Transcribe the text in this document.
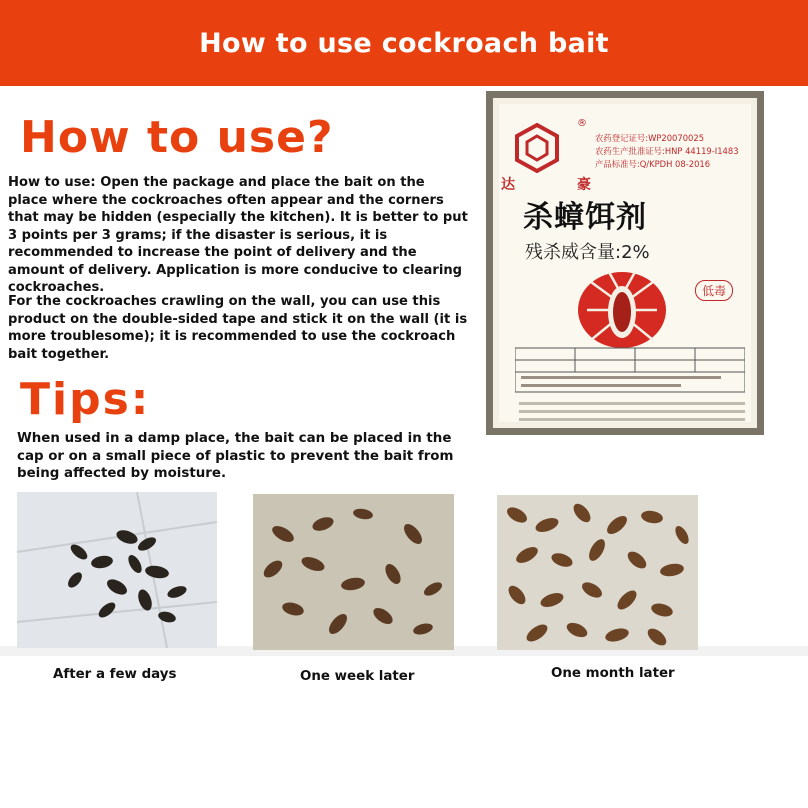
How to use cockroach bait
How to use?
How to use: Open the package and place the bait on the place where the cockroaches often appear and the corners that may be hidden (especially the kitchen). It is better to put 3 points per 3 grams; if the disaster is serious, it is recommended to increase the point of delivery and the amount of delivery. Application is more conducive to clearing cockroaches.
For the cockroaches crawling on the wall, you can use this product on the double-sided tape and stick it on the wall (it is more troublesome); it is recommended to use the cockroach bait together.
Tips:
When used in a damp place, the bait can be placed in the cap or on a small piece of plastic to prevent the bait from being affected by moisture.
®
农药登记证号:WP20070025
农药生产批准证号:HNP 44119-I1483
产品标准号:Q/KPDH 08-2016
达	豪
杀蟑饵剂
残杀威含量:2%
低毒
After a few days	One week later	One month later
